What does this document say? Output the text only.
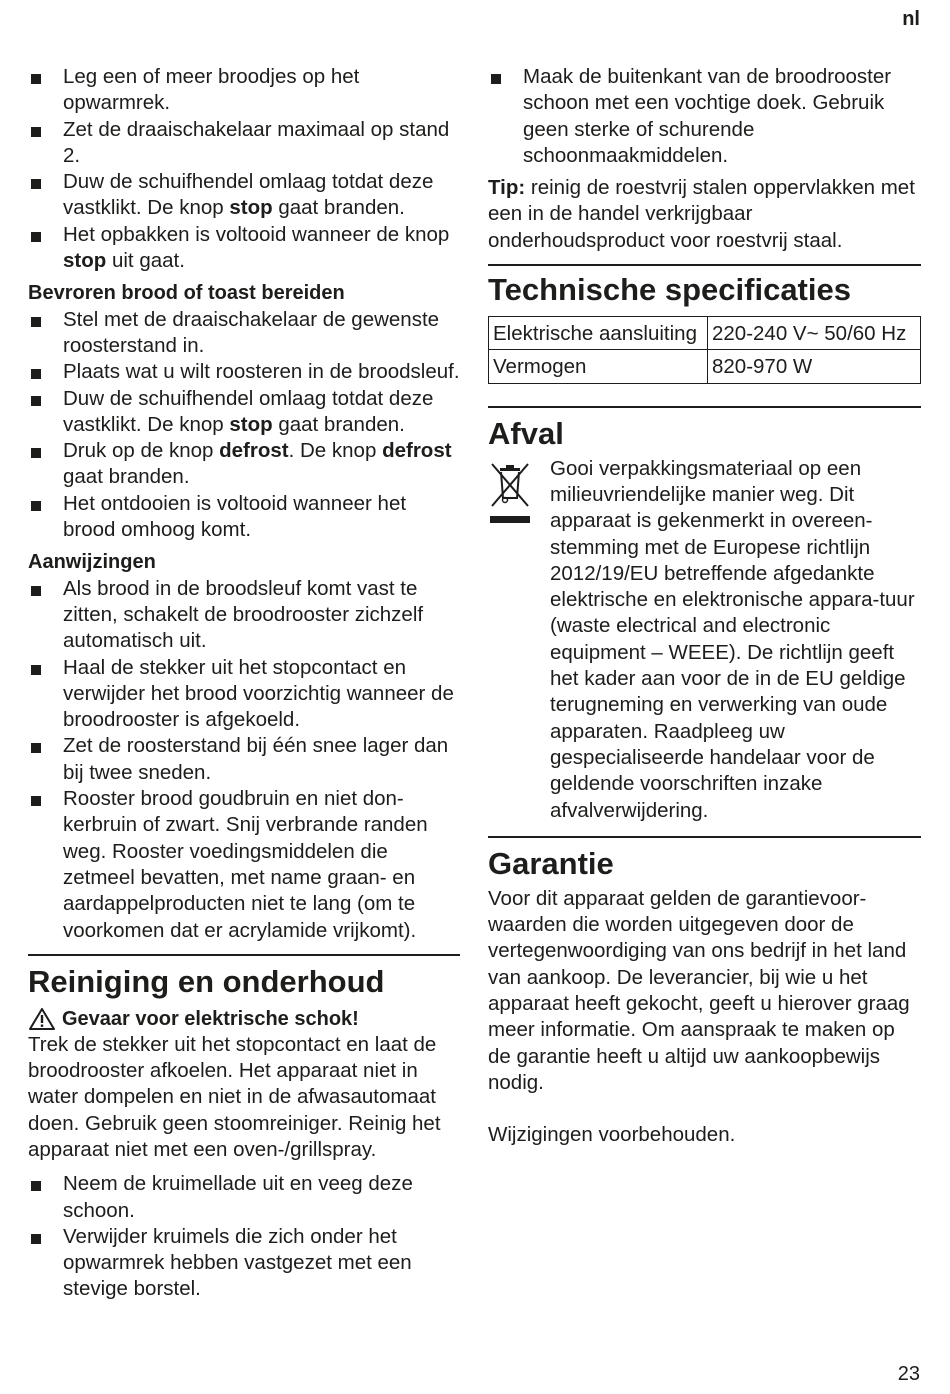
nl
Leg een of meer broodjes op het opwarmrek.
Zet de draaischakelaar maximaal op stand 2.
Duw de schuifhendel omlaag totdat deze vastklikt. De knop stop gaat branden.
Het opbakken is voltooid wanneer de knop stop uit gaat.
Bevroren brood of toast bereiden
Stel met de draaischakelaar de gewenste roosterstand in.
Plaats wat u wilt roosteren in de broodsleuf.
Duw de schuifhendel omlaag totdat deze vastklikt. De knop stop gaat branden.
Druk op de knop defrost. De knop defrost gaat branden.
Het ontdooien is voltooid wanneer het brood omhoog komt.
Aanwijzingen
Als brood in de broodsleuf komt vast te zitten, schakelt de broodrooster zichzelf automatisch uit.
Haal de stekker uit het stopcontact en verwijder het brood voorzichtig wanneer de broodrooster is afgekoeld.
Zet de roosterstand bij één snee lager dan bij twee sneden.
Rooster brood goudbruin en niet don-kerbruin of zwart. Snij verbrande randen weg. Rooster voedingsmiddelen die zetmeel bevatten, met name graan- en aardappelproducten niet te lang (om te voorkomen dat er acrylamide vrijkomt).
Reiniging en onderhoud
Gevaar voor elektrische schok!

Trek de stekker uit het stopcontact en laat de broodrooster afkoelen. Het apparaat niet in water dompelen en niet in de afwasautomaat doen. Gebruik geen stoomreiniger. Reinig het apparaat niet met een oven-/grillspray.

Neem de kruimellade uit en veeg deze schoon.
Verwijder kruimels die zich onder het opwarmrek hebben vastgezet met een stevige borstel.
Maak de buitenkant van de broodrooster schoon met een vochtige doek. Gebruik geen sterke of schurende schoonmaakmiddelen.

Tip: reinig de roestvrij stalen oppervlakken met een in de handel verkrijgbaar onderhoudsproduct voor roestvrij staal.

Technische specificaties
Elektrische aansluiting	220-240 V~ 50/60 Hz
Vermogen	820-970 W
Afval

Gooi verpakkingsmateriaal op een milieuvriendelijke manier weg. Dit apparaat is gekenmerkt in overeen-stemming met de Europese richtlijn 2012/19/EU betreffende afgedankte elektrische en elektronische appara-tuur (waste electrical and electronic equipment – WEEE). De richtlijn geeft het kader aan voor de in de EU geldige terugneming en verwerking van oude apparaten. Raadpleeg uw gespecialiseerde handelaar voor de geldende voorschriften inzake afvalverwijdering.

Garantie

Voor dit apparaat gelden de garantievoor-waarden die worden uitgegeven door de vertegenwoordiging van ons bedrijf in het land van aankoop. De leverancier, bij wie u het apparaat heeft gekocht, geeft u hierover graag meer informatie. Om aanspraak te maken op de garantie heeft u altijd uw aankoopbewijs nodig.

Wijzigingen voorbehouden.

23
